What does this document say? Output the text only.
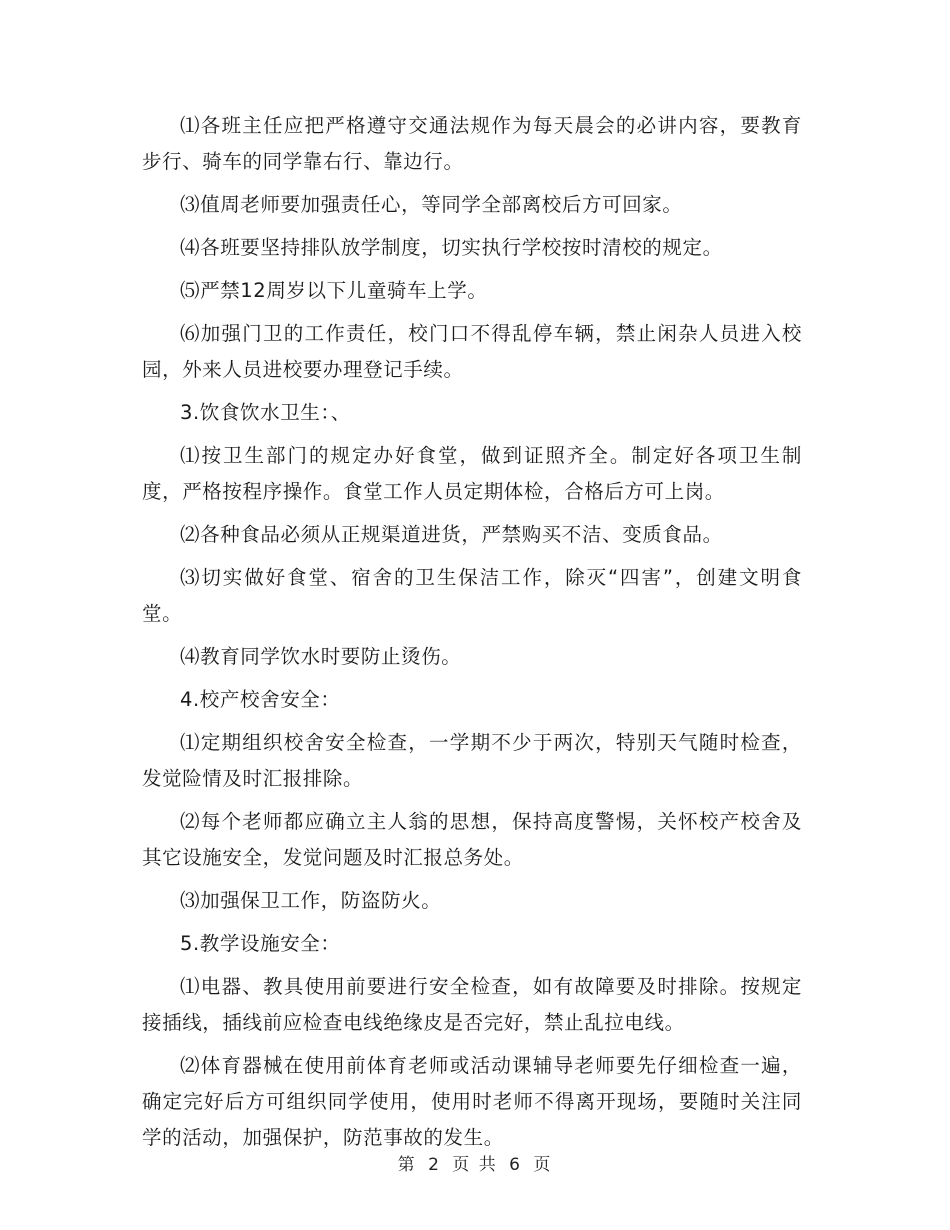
⑴各班主任应把严格遵守交通法规作为每天晨会的必讲内容，要教育步行、骑车的同学靠右行、靠边行。

⑶值周老师要加强责任心，等同学全部离校后方可回家。

⑷各班要坚持排队放学制度，切实执行学校按时清校的规定。

⑸严禁12周岁以下儿童骑车上学。

⑹加强门卫的工作责任，校门口不得乱停车辆，禁止闲杂人员进入校园，外来人员进校要办理登记手续。

3.饮食饮水卫生：、

⑴按卫生部门的规定办好食堂，做到证照齐全。制定好各项卫生制度，严格按程序操作。食堂工作人员定期体检，合格后方可上岗。

⑵各种食品必须从正规渠道进货，严禁购买不洁、变质食品。

⑶切实做好食堂、宿舍的卫生保洁工作，除灭“四害”，创建文明食堂。

⑷教育同学饮水时要防止烫伤。

4.校产校舍安全：

⑴定期组织校舍安全检查，一学期不少于两次，特别天气随时检查，发觉险情及时汇报排除。

⑵每个老师都应确立主人翁的思想，保持高度警惕，关怀校产校舍及其它设施安全，发觉问题及时汇报总务处。

⑶加强保卫工作，防盗防火。

5.教学设施安全：

⑴电器、教具使用前要进行安全检查，如有故障要及时排除。按规定接插线，插线前应检查电线绝缘皮是否完好，禁止乱拉电线。

⑵体育器械在使用前体育老师或活动课辅导老师要先仔细检查一遍，确定完好后方可组织同学使用，使用时老师不得离开现场，要随时关注同学的活动，加强保护，防范事故的发生。

第 2 页 共 6 页
